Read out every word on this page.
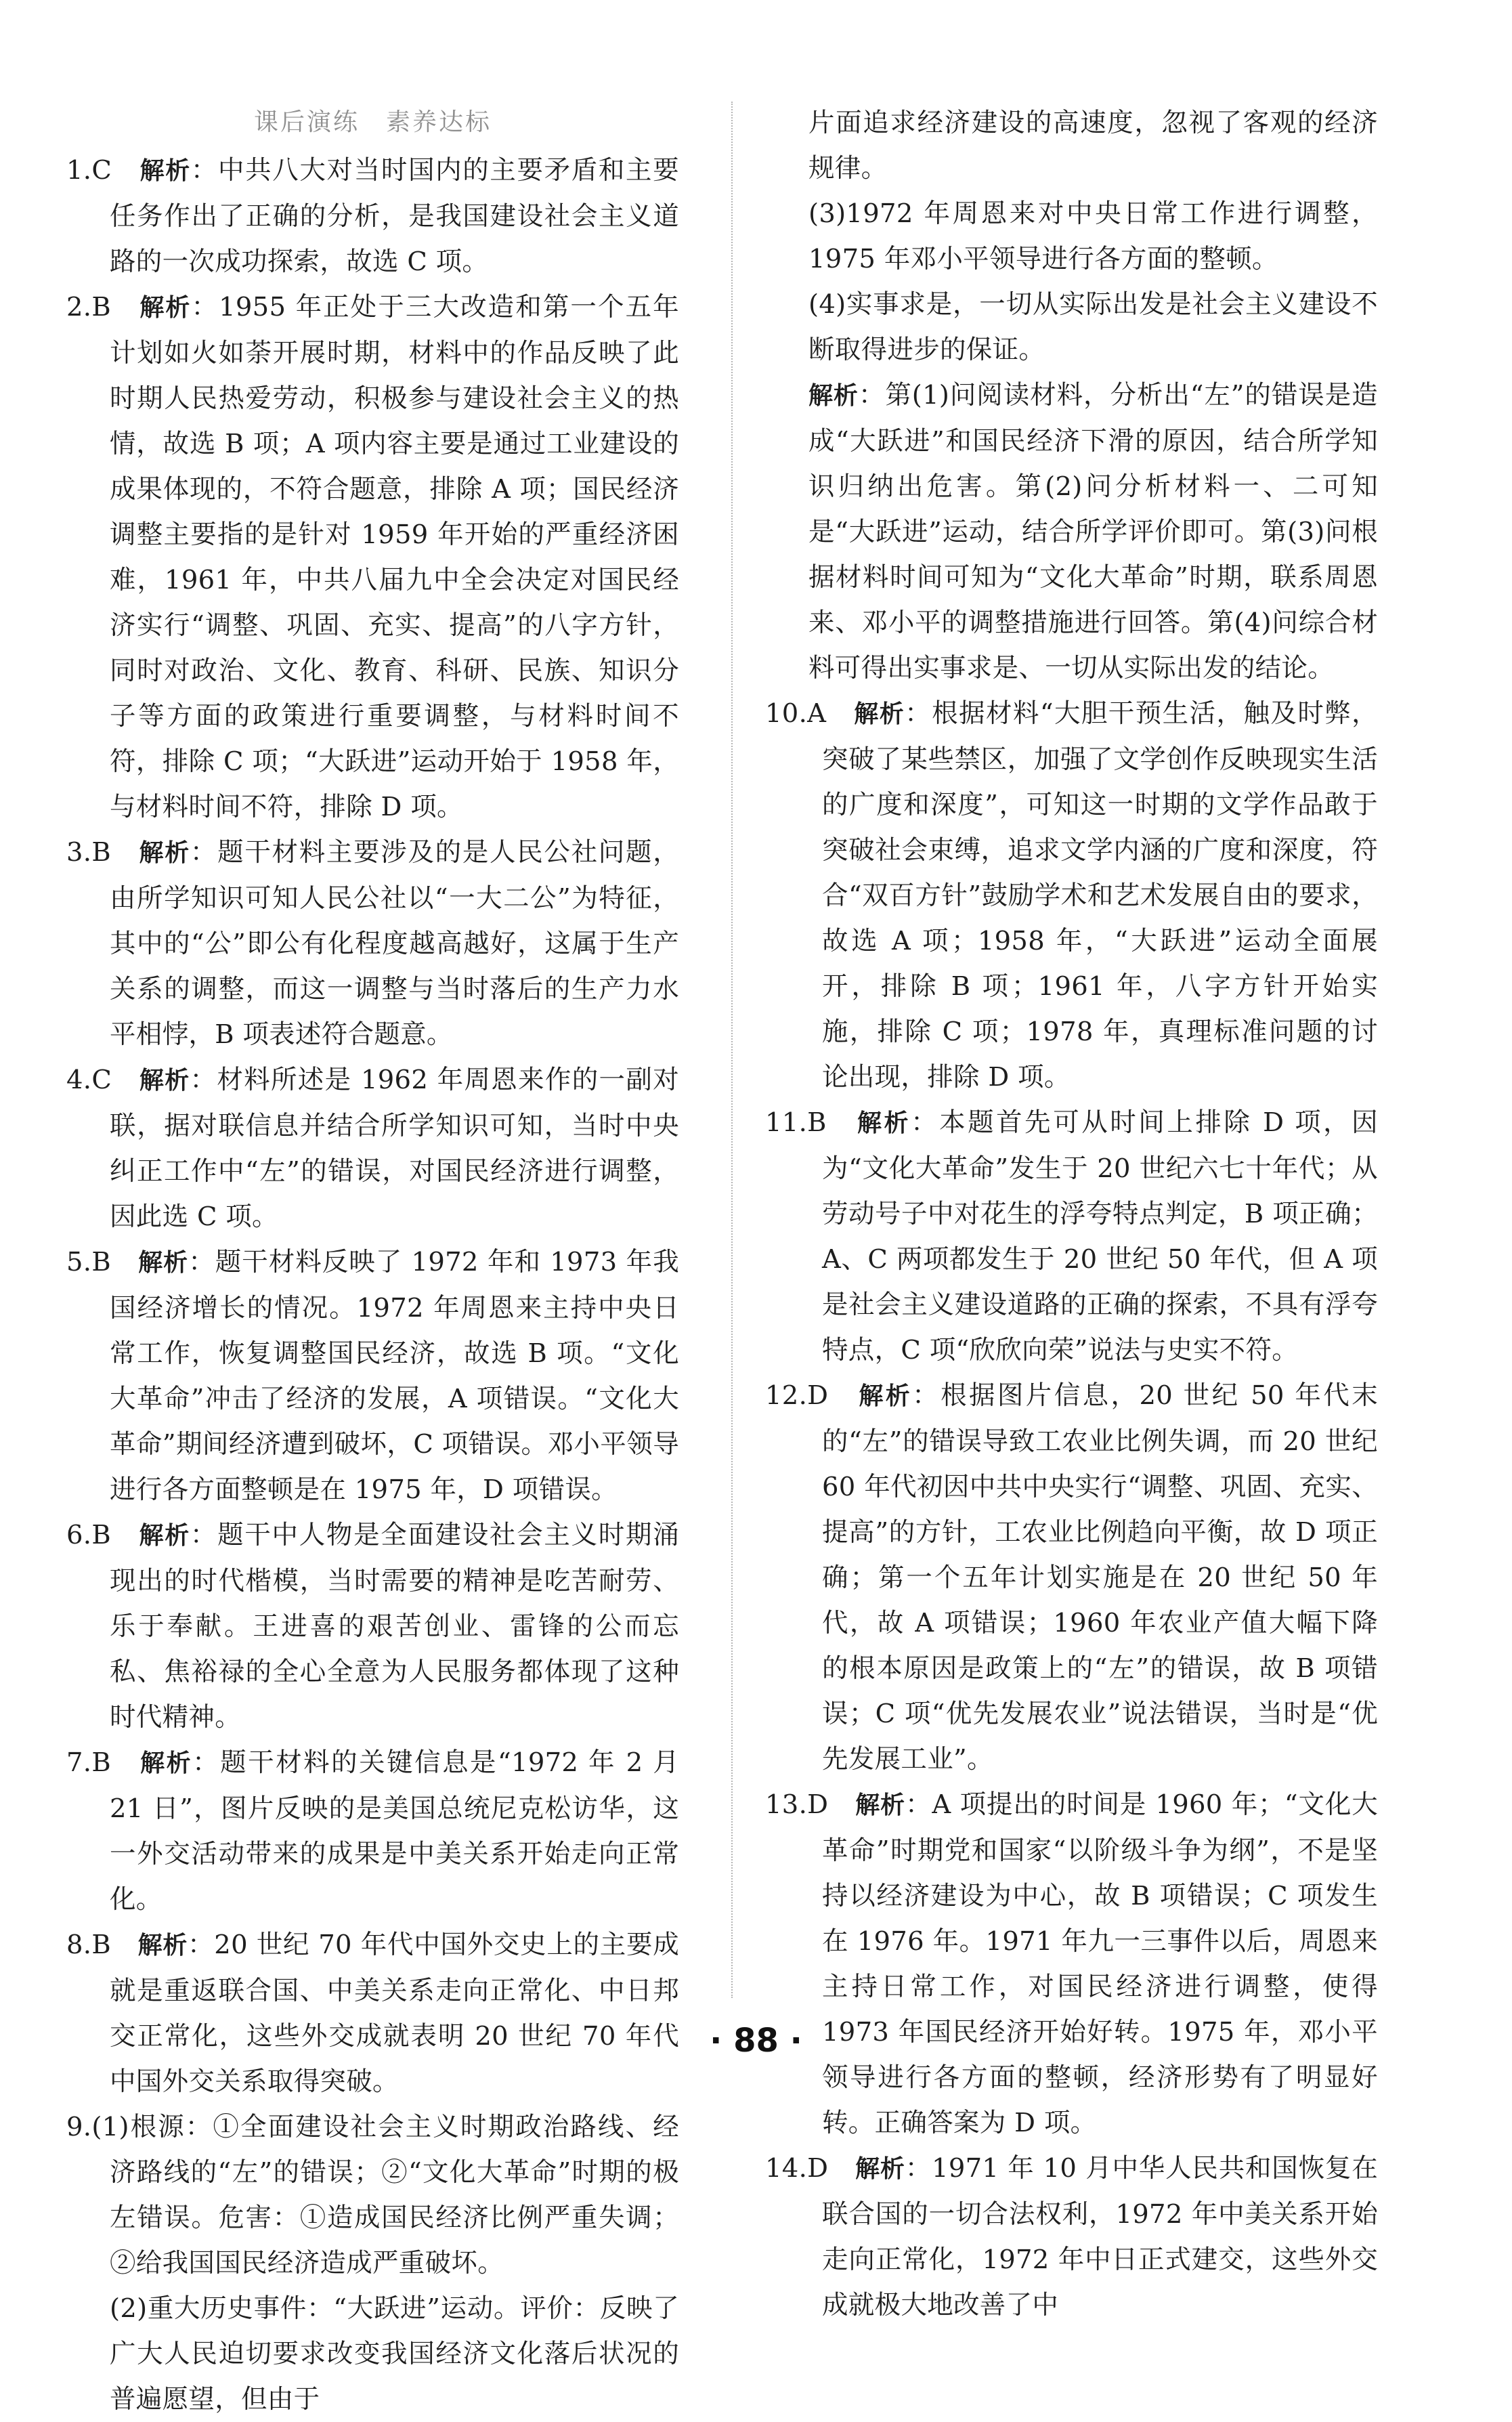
课后演练　素养达标
1.C　 解析：中共八大对当时国内的主要矛盾和主要任务作出了正确的分析，是我国建设社会主义道路的一次成功探索，故选 C 项。
2.B　 解析：1955 年正处于三大改造和第一个五年计划如火如荼开展时期，材料中的作品反映了此时期人民热爱劳动，积极参与建设社会主义的热情，故选 B 项；A 项内容主要是通过工业建设的成果体现的，不符合题意，排除 A 项；国民经济调整主要指的是针对 1959 年开始的严重经济困难，1961 年，中共八届九中全会决定对国民经济实行“调整、巩固、充实、提高”的八字方针，同时对政治、文化、教育、科研、民族、知识分子等方面的政策进行重要调整，与材料时间不符，排除 C 项；“大跃进”运动开始于 1958 年，与材料时间不符，排除 D 项。
3.B　 解析：题干材料主要涉及的是人民公社问题，由所学知识可知人民公社以“一大二公”为特征，其中的“公”即公有化程度越高越好，这属于生产关系的调整，而这一调整与当时落后的生产力水平相悖，B 项表述符合题意。
4.C　 解析：材料所述是 1962 年周恩来作的一副对联，据对联信息并结合所学知识可知，当时中央纠正工作中“左”的错误，对国民经济进行调整，因此选 C 项。
5.B　 解析：题干材料反映了 1972 年和 1973 年我国经济增长的情况。1972 年周恩来主持中央日常工作，恢复调整国民经济，故选 B 项。“文化大革命”冲击了经济的发展，A 项错误。“文化大革命”期间经济遭到破坏，C 项错误。邓小平领导进行各方面整顿是在 1975 年，D 项错误。
6.B　 解析：题干中人物是全面建设社会主义时期涌现出的时代楷模，当时需要的精神是吃苦耐劳、乐于奉献。王进喜的艰苦创业、雷锋的公而忘私、焦裕禄的全心全意为人民服务都体现了这种时代精神。
7.B　 解析：题干材料的关键信息是“1972 年 2 月 21 日”，图片反映的是美国总统尼克松访华，这一外交活动带来的成果是中美关系开始走向正常化。
8.B　 解析：20 世纪 70 年代中国外交史上的主要成就是重返联合国、中美关系走向正常化、中日邦交正常化，这些外交成就表明 20 世纪 70 年代中国外交关系取得突破。
9.(1)根源：①全面建设社会主义时期政治路线、经济路线的“左”的错误；②“文化大革命”时期的极左错误。危害：①造成国民经济比例严重失调；②给我国国民经济造成严重破坏。
(2)重大历史事件：“大跃进”运动。评价：反映了广大人民迫切要求改变我国经济文化落后状况的普遍愿望，但由于
片面追求经济建设的高速度，忽视了客观的经济规律。
(3)1972 年周恩来对中央日常工作进行调整，1975 年邓小平领导进行各方面的整顿。
(4)实事求是，一切从实际出发是社会主义建设不断取得进步的保证。
解析：第(1)问阅读材料，分析出“左”的错误是造成“大跃进”和国民经济下滑的原因，结合所学知识归纳出危害。第(2)问分析材料一、二可知是“大跃进”运动，结合所学评价即可。第(3)问根据材料时间可知为“文化大革命”时期，联系周恩来、邓小平的调整措施进行回答。第(4)问综合材料可得出实事求是、一切从实际出发的结论。
10.A　 解析：根据材料“大胆干预生活，触及时弊，突破了某些禁区，加强了文学创作反映现实生活的广度和深度”，可知这一时期的文学作品敢于突破社会束缚，追求文学内涵的广度和深度，符合“双百方针”鼓励学术和艺术发展自由的要求，故选 A 项；1958 年，“大跃进”运动全面展开，排除 B 项；1961 年，八字方针开始实施，排除 C 项；1978 年，真理标准问题的讨论出现，排除 D 项。
11.B　 解析：本题首先可从时间上排除 D 项，因为“文化大革命”发生于 20 世纪六七十年代；从劳动号子中对花生的浮夸特点判定，B 项正确；A、C 两项都发生于 20 世纪 50 年代，但 A 项是社会主义建设道路的正确的探索，不具有浮夸特点，C 项“欣欣向荣”说法与史实不符。
12.D　 解析：根据图片信息，20 世纪 50 年代末的“左”的错误导致工农业比例失调，而 20 世纪 60 年代初因中共中央实行“调整、巩固、充实、提高”的方针，工农业比例趋向平衡，故 D 项正确；第一个五年计划实施是在 20 世纪 50 年代，故 A 项错误；1960 年农业产值大幅下降的根本原因是政策上的“左”的错误，故 B 项错误；C 项“优先发展农业”说法错误，当时是“优先发展工业”。
13.D　 解析：A 项提出的时间是 1960 年；“文化大革命”时期党和国家“以阶级斗争为纲”，不是坚持以经济建设为中心，故 B 项错误；C 项发生在 1976 年。1971 年九一三事件以后，周恩来主持日常工作，对国民经济进行调整，使得 1973 年国民经济开始好转。1975 年，邓小平领导进行各方面的整顿，经济形势有了明显好转。正确答案为 D 项。
14.D　 解析：1971 年 10 月中华人民共和国恢复在联合国的一切合法权利，1972 年中美关系开始走向正常化，1972 年中日正式建交，这些外交成就极大地改善了中
· 88 ·
